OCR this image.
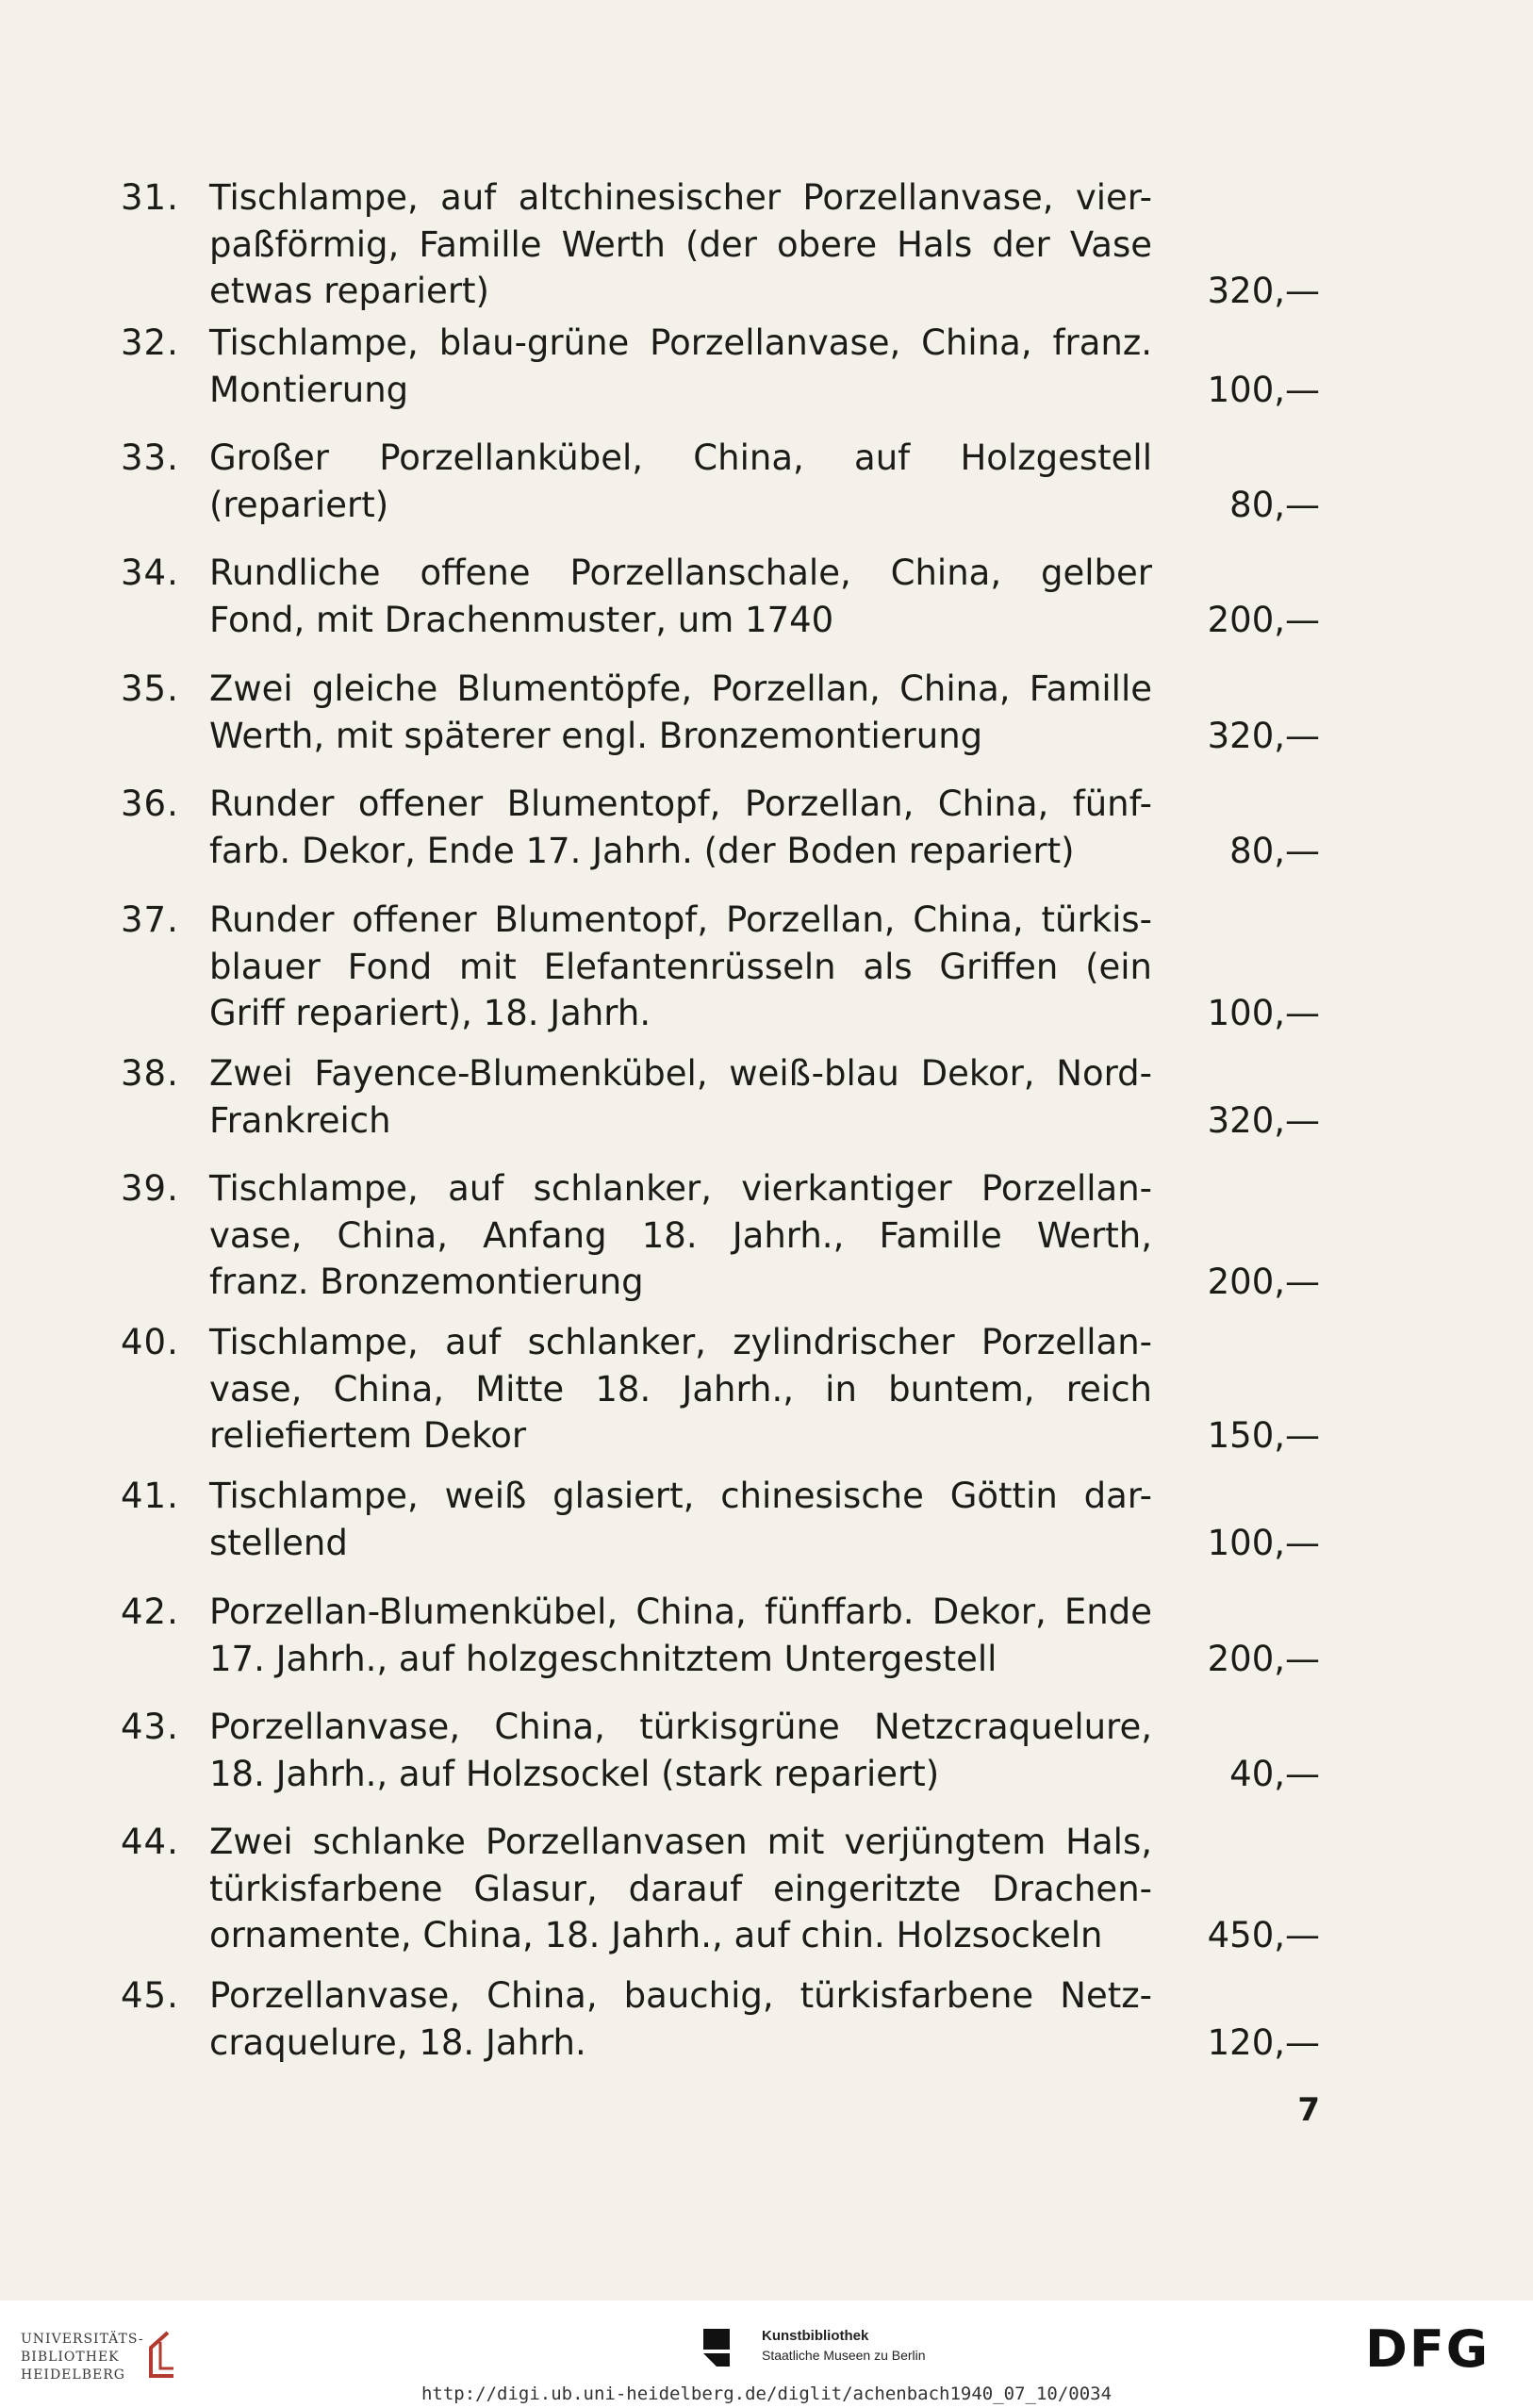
31. Tischlampe, auf altchinesischer Porzellanvase, vier-
paßförmig, Famille Werth (der obere Hals der Vase
etwas repariert)	320,—
32. Tischlampe, blau-grüne Porzellanvase, China, franz.
Montierung	100,—
33. Großer Porzellankübel, China, auf Holzgestell
(repariert)	80,—
34. Rundliche offene Porzellanschale, China, gelber
Fond, mit Drachenmuster, um 1740	200,—
35. Zwei gleiche Blumentöpfe, Porzellan, China, Famille
Werth, mit späterer engl. Bronzemontierung	320,—
36. Runder offener Blumentopf, Porzellan, China, fünf-
farb. Dekor, Ende 17. Jahrh. (der Boden repariert)	80,—
37. Runder offener Blumentopf, Porzellan, China, türkis-
blauer Fond mit Elefantenrüsseln als Griffen (ein
Griff repariert), 18. Jahrh.	100,—
38. Zwei Fayence-Blumenkübel, weiß-blau Dekor, Nord-
Frankreich	320,—
39. Tischlampe, auf schlanker, vierkantiger Porzellan-
vase, China, Anfang 18. Jahrh., Famille Werth,
franz. Bronzemontierung	200,—
40. Tischlampe, auf schlanker, zylindrischer Porzellan-
vase, China, Mitte 18. Jahrh., in buntem, reich
reliefiertem Dekor	150,—
41. Tischlampe, weiß glasiert, chinesische Göttin dar-
stellend	100,—
42. Porzellan-Blumenkübel, China, fünffarb. Dekor, Ende
17. Jahrh., auf holzgeschnitztem Untergestell	200,—
43. Porzellanvase, China, türkisgrüne Netzcraquelure,
18. Jahrh., auf Holzsockel (stark repariert)	40,—
44. Zwei schlanke Porzellanvasen mit verjüngtem Hals,
türkisfarbene Glasur, darauf eingeritzte Drachen-
ornamente, China, 18. Jahrh., auf chin. Holzsockeln	450,—
45. Porzellanvase, China, bauchig, türkisfarbene Netz-
craquelure, 18. Jahrh.	120,—
7
UNIVERSITÄTS-
BIBLIOTHEK
HEIDELBERG
Kunstbibliothek
Staatliche Museen zu Berlin	DFG
http://digi.ub.uni-heidelberg.de/diglit/achenbach1940_07_10/0034
